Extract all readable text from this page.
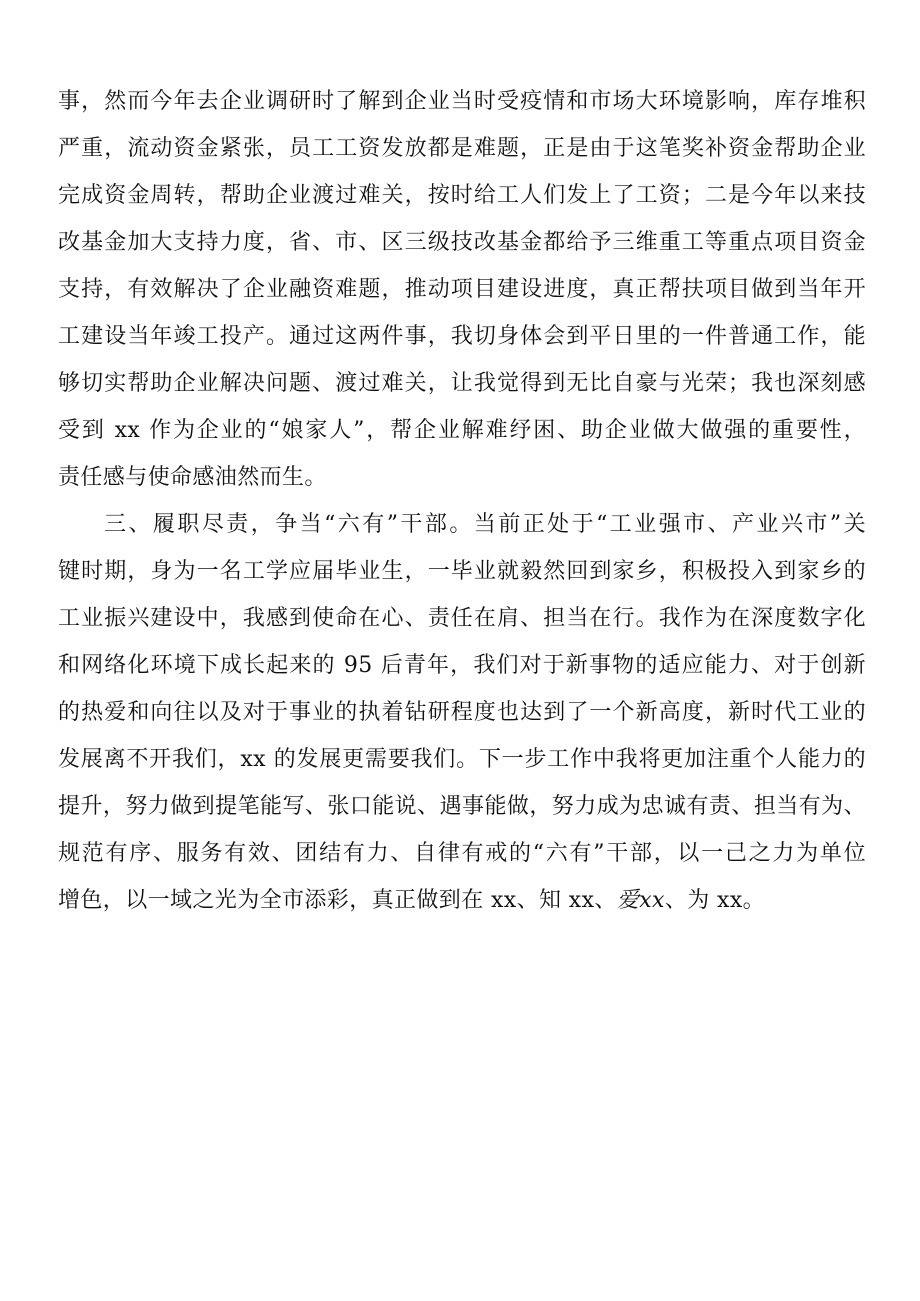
事，然而今年去企业调研时了解到企业当时受疫情和市场大环境影响，库存堆积
严重，流动资金紧张，员工工资发放都是难题，正是由于这笔奖补资金帮助企业
完成资金周转，帮助企业渡过难关，按时给工人们发上了工资；二是今年以来技
改基金加大支持力度，省、市、区三级技改基金都给予三维重工等重点项目资金
支持，有效解决了企业融资难题，推动项目建设进度，真正帮扶项目做到当年开
工建设当年竣工投产。通过这两件事，我切身体会到平日里的一件普通工作，能
够切实帮助企业解决问题、渡过难关，让我觉得到无比自豪与光荣；我也深刻感
受到 xx 作为企业的“娘家人”，帮企业解难纾困、助企业做大做强的重要性，
责任感与使命感油然而生。
三、履职尽责，争当“六有”干部。当前正处于“工业强市、产业兴市”关
键时期，身为一名工学应届毕业生，一毕业就毅然回到家乡，积极投入到家乡的
工业振兴建设中，我感到使命在心、责任在肩、担当在行。我作为在深度数字化
和网络化环境下成长起来的 95 后青年，我们对于新事物的适应能力、对于创新
的热爱和向往以及对于事业的执着钻研程度也达到了一个新高度，新时代工业的
发展离不开我们，xx 的发展更需要我们。下一步工作中我将更加注重个人能力的
提升，努力做到提笔能写、张口能说、遇事能做，努力成为忠诚有责、担当有为、
规范有序、服务有效、团结有力、自律有戒的“六有”干部，以一己之力为单位
增色，以一域之光为全市添彩，真正做到在 xx、知 xx、爱xx、为 xx。
